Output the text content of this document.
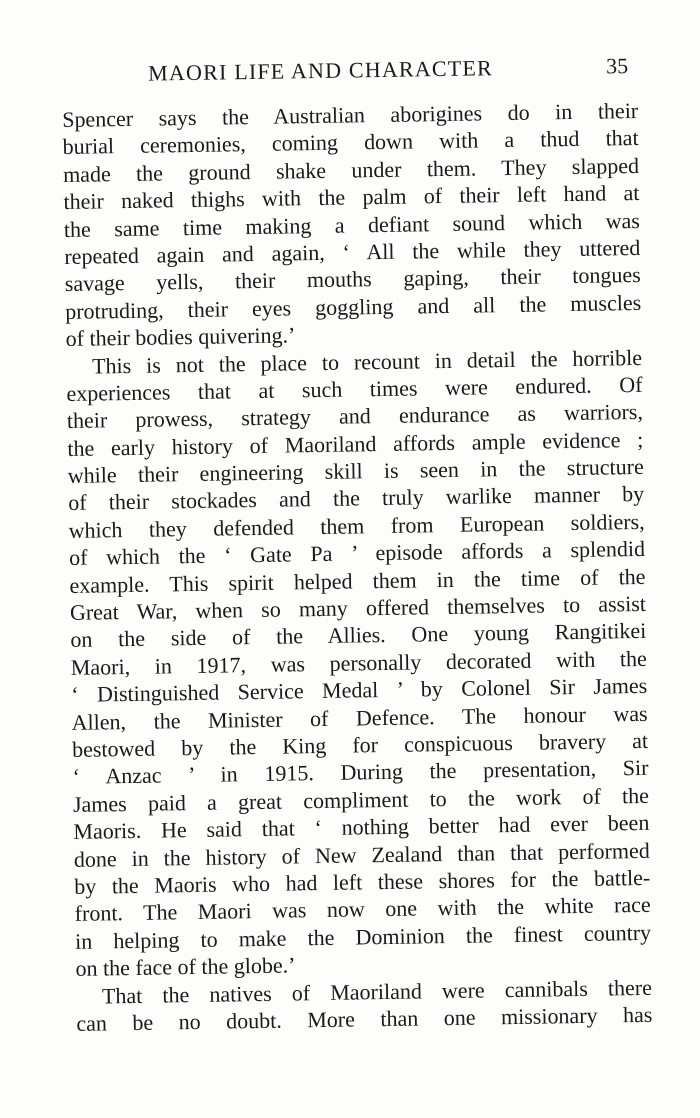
MAORI LIFE AND CHARACTER	35
Spencer says the Australian aborigines do in their
burial ceremonies, coming down with a thud that
made the ground shake under them. They slapped
their naked thighs with the palm of their left hand at
the same time making a defiant sound which was
repeated again and again, ‘ All the while they uttered
savage yells, their mouths gaping, their tongues
protruding, their eyes goggling and all the muscles
of their bodies quivering.’
This is not the place to recount in detail the horrible
experiences that at such times were endured. Of
their prowess, strategy and endurance as warriors,
the early history of Maoriland affords ample evidence ;
while their engineering skill is seen in the structure
of their stockades and the truly warlike manner by
which they defended them from European soldiers,
of which the ‘ Gate Pa ’ episode affords a splendid
example. This spirit helped them in the time of the
Great War, when so many offered themselves to assist
on the side of the Allies. One young Rangitikei
Maori, in 1917, was personally decorated with the
‘ Distinguished Service Medal ’ by Colonel Sir James
Allen, the Minister of Defence. The honour was
bestowed by the King for conspicuous bravery at
‘ Anzac ’ in 1915. During the presentation, Sir
James paid a great compliment to the work of the
Maoris. He said that ‘ nothing better had ever been
done in the history of New Zealand than that performed
by the Maoris who had left these shores for the battle-
front. The Maori was now one with the white race
in helping to make the Dominion the finest country
on the face of the globe.’
That the natives of Maoriland were cannibals there
can be no doubt. More than one missionary has
